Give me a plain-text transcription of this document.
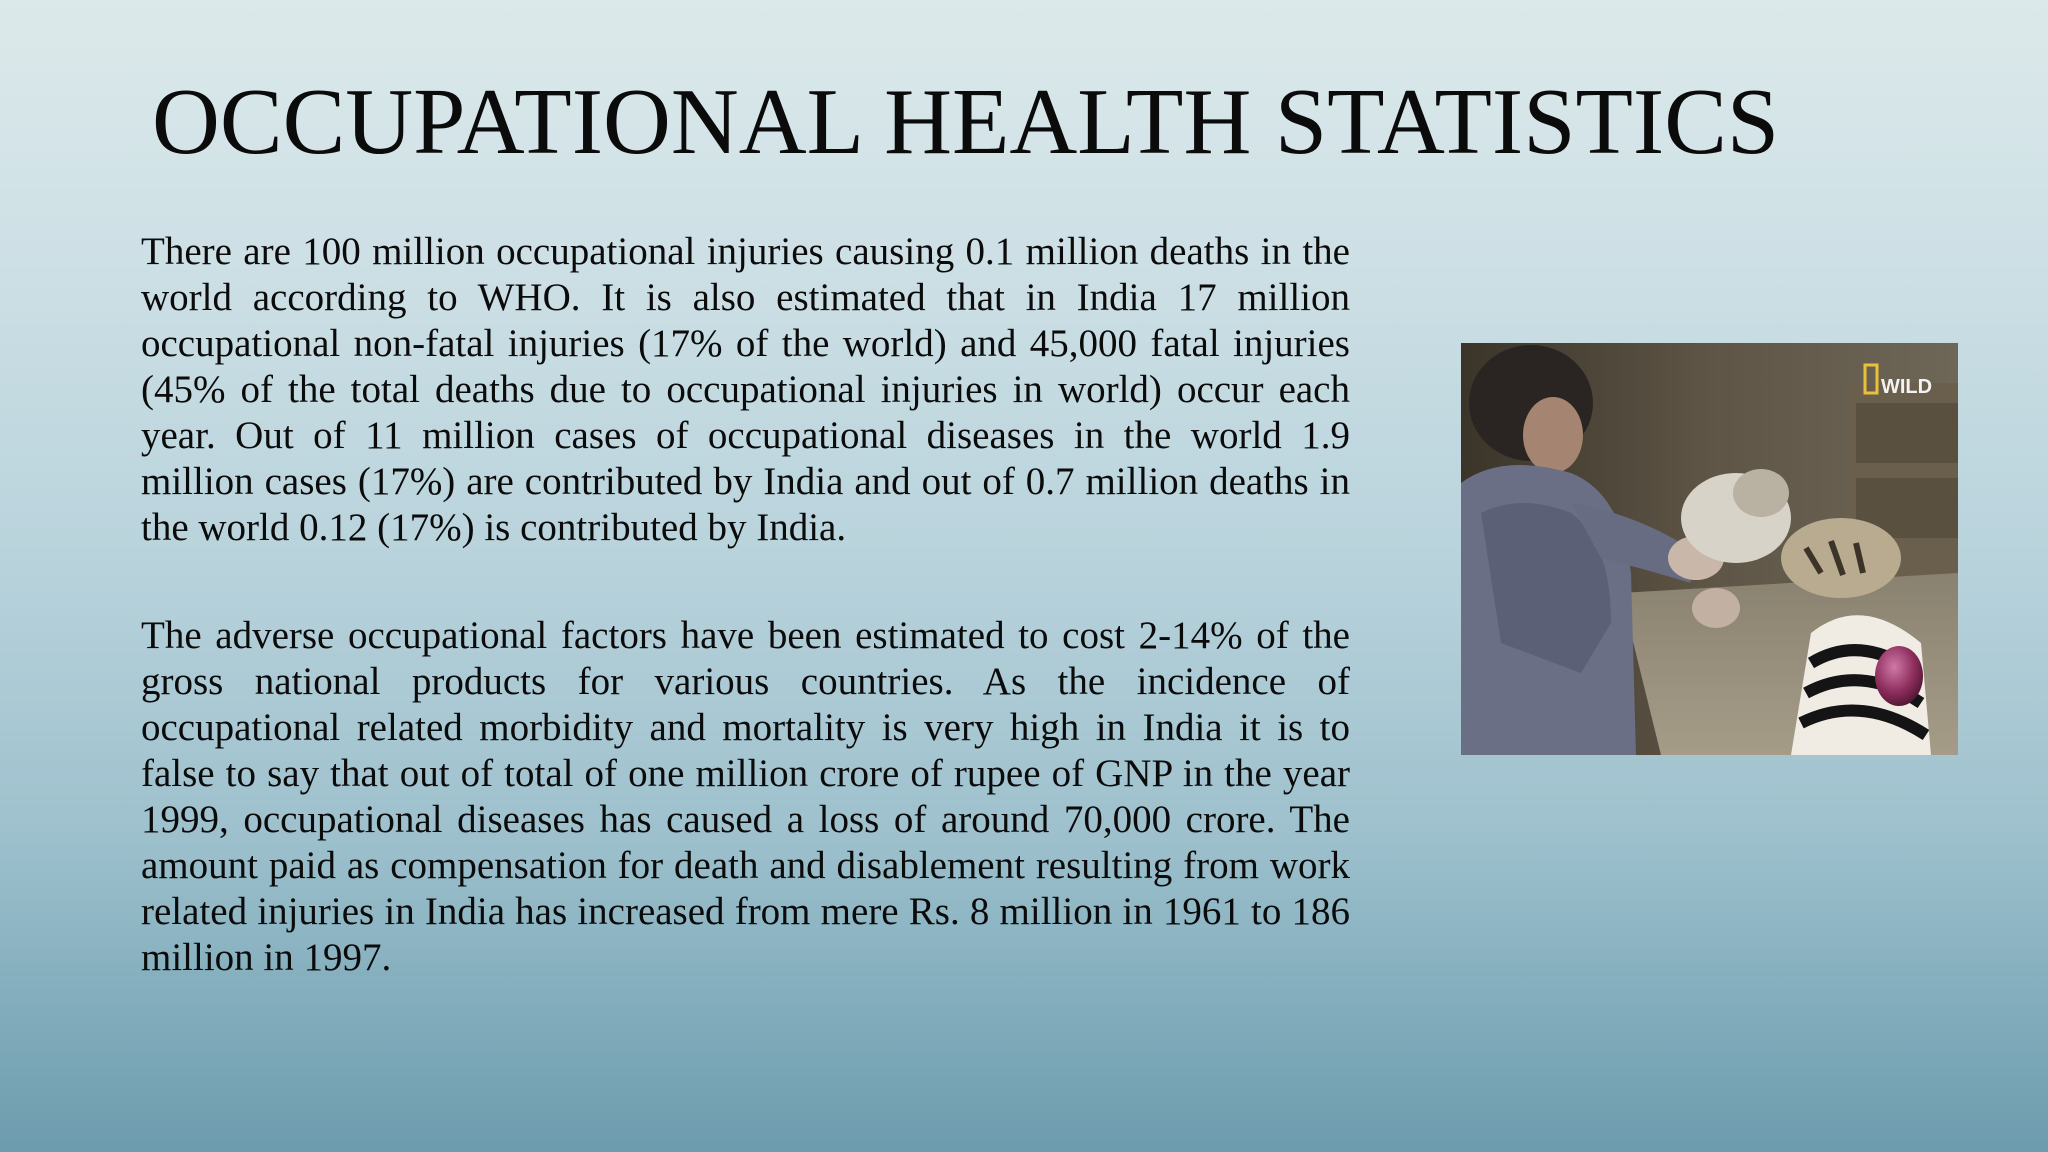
OCCUPATIONAL HEALTH STATISTICS

There are 100 million occupational injuries causing 0.1 million deaths in the world according to WHO. It is also estimated that in India 17 million occupational non-fatal injuries (17% of the world) and 45,000 fatal injuries (45% of the total deaths due to occupational injuries in world) occur each year. Out of 11 million cases of occupational diseases in the world 1.9 million cases (17%) are contributed by India and out of 0.7 million deaths in the world 0.12 (17%) is contributed by India.

The adverse occupational factors have been estimated to cost 2-14% of the gross national products for various countries. As the incidence of occupational related morbidity and mortality is very high in India it is to false to say that out of total of one million crore of rupee of GNP in the year 1999, occupational diseases has caused a loss of around 70,000 crore. The amount paid as compensation for death and disablement resulting from work related injuries in India has increased from mere Rs. 8 million in 1961 to 186 million in 1997.

WILD
